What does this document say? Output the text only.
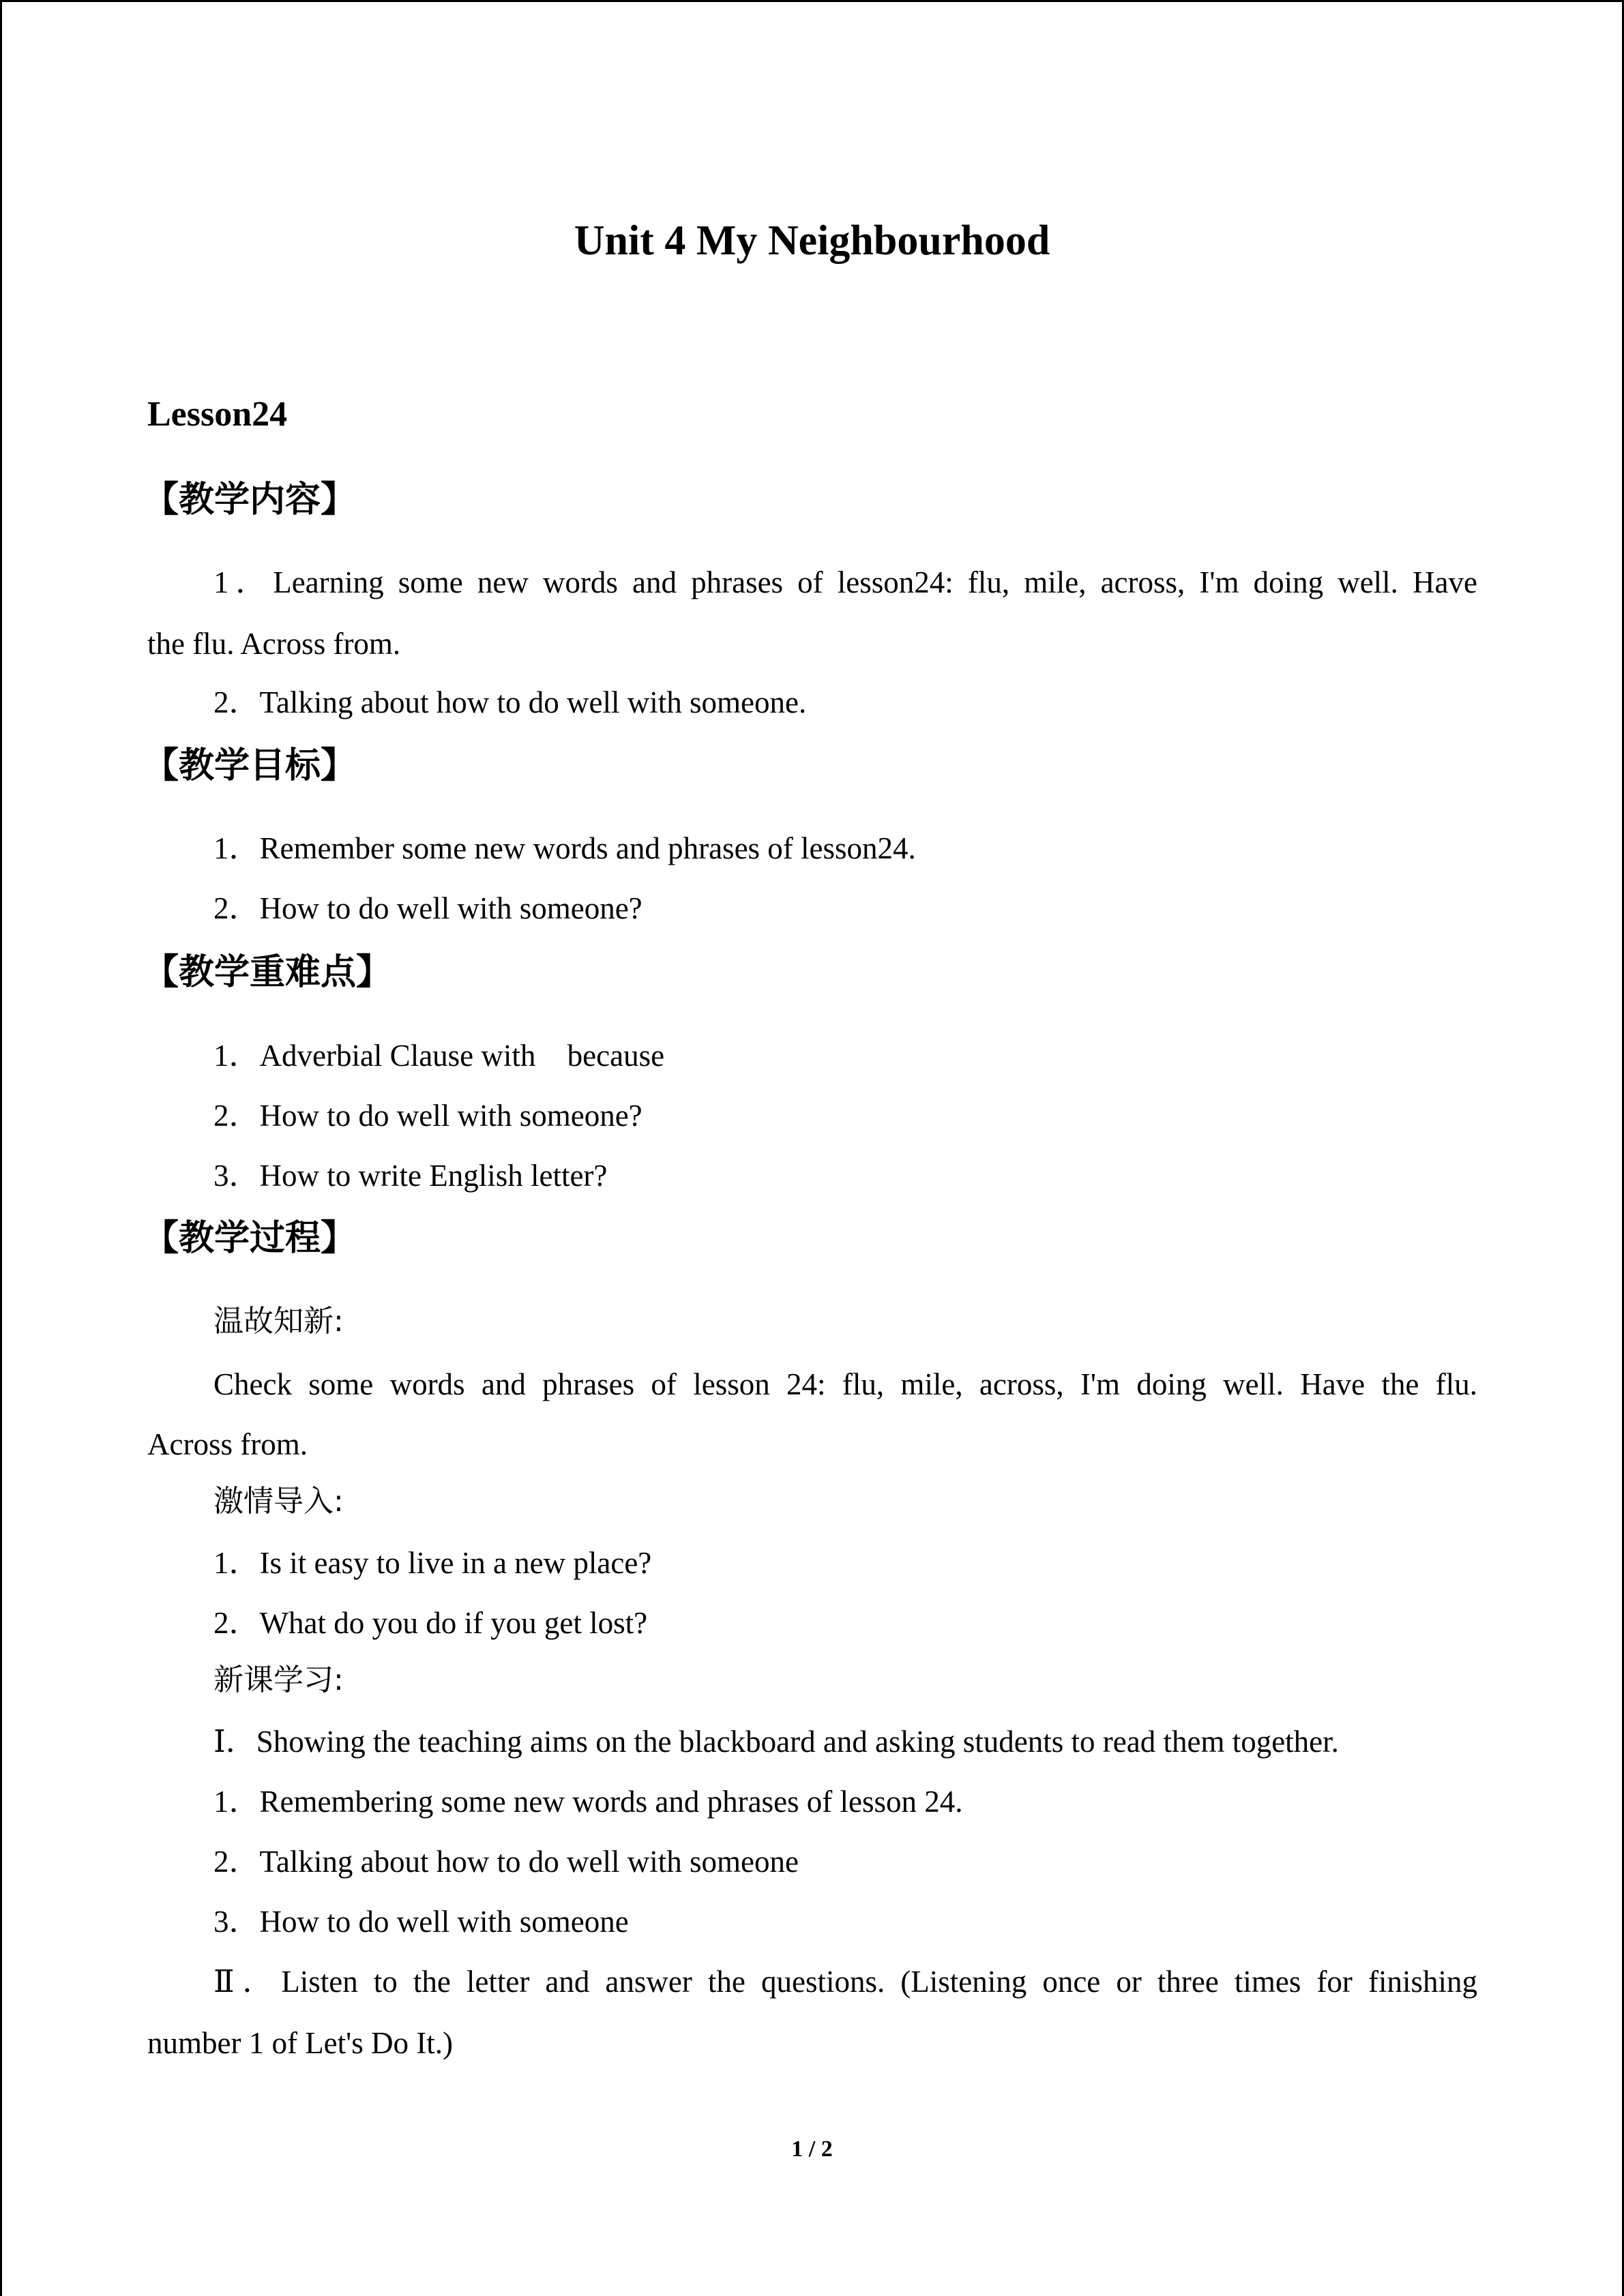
Unit 4 My Neighbourhood
Lesson24
【教学内容】
1．Learning some new words and phrases of lesson24: flu, mile, across, I'm doing well. Have
the flu. Across from.
2．Talking about how to do well with someone.
【教学目标】
1．Remember some new words and phrases of lesson24.
2．How to do well with someone?
【教学重难点】
1．Adverbial Clause with  because 
2．How to do well with someone?
3．How to write English letter?
【教学过程】
温故知新:
Check some words and phrases of lesson 24: flu, mile, across, I'm doing well. Have the flu.
Across from.
激情导入:
1．Is it easy to live in a new place?
2．What do you do if you get lost?
新课学习:
Ⅰ．Showing the teaching aims on the blackboard and asking students to read them together.
1．Remembering some new words and phrases of lesson 24.
2．Talking about how to do well with someone
3．How to do well with someone
Ⅱ．Listen to the letter and answer the questions. (Listening once or three times for finishing
number 1 of Let's Do It.)
1 / 2
